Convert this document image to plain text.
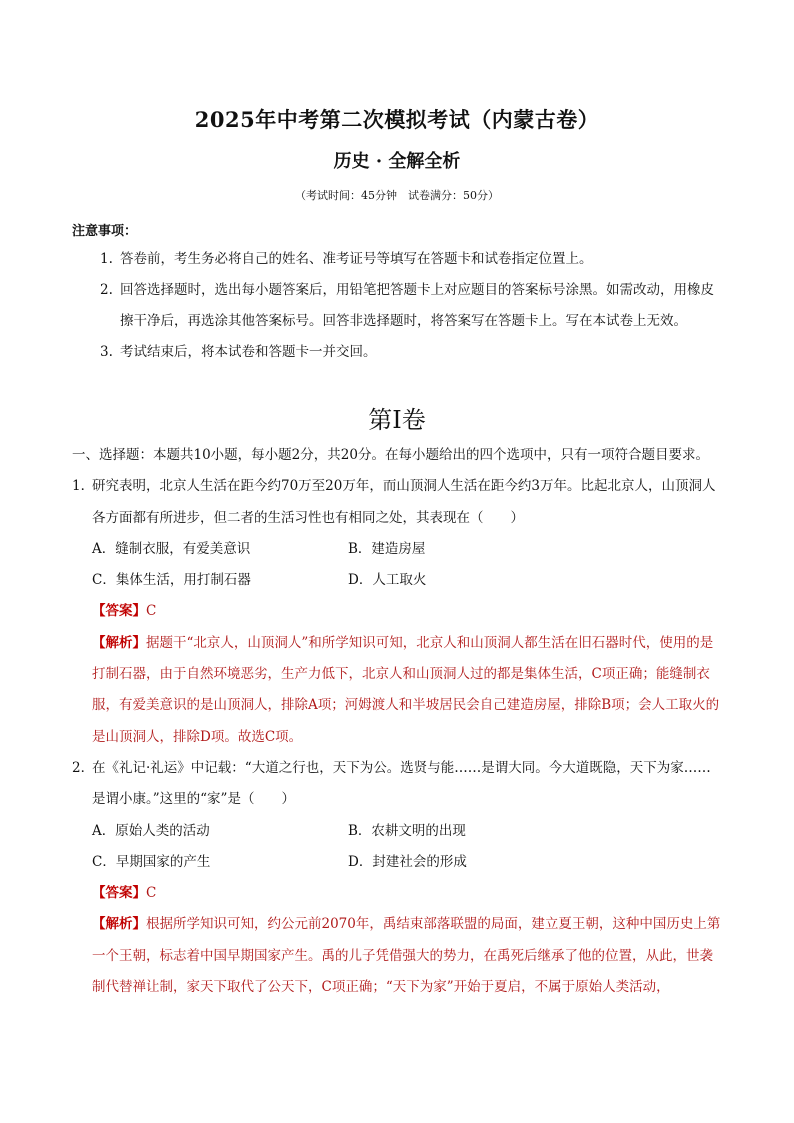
2025年中考第二次模拟考试（内蒙古卷）
历史 · 全解全析
（考试时间：45分钟　试卷满分：50分）
注意事项：
1. 答卷前，考生务必将自己的姓名、准考证号等填写在答题卡和试卷指定位置上。
2. 回答选择题时，选出每小题答案后，用铅笔把答题卡上对应题目的答案标号涂黑。如需改动，用橡皮擦干净后，再选涂其他答案标号。回答非选择题时，将答案写在答题卡上。写在本试卷上无效。
3. 考试结束后，将本试卷和答题卡一并交回。
第Ⅰ卷
一、选择题：本题共10小题，每小题2分，共20分。在每小题给出的四个选项中，只有一项符合题目要求。
1．
研究表明，北京人生活在距今约70万至20万年，而山顶洞人生活在距今约3万年。比起北京人，山顶洞人各方面都有所进步，但二者的生活习性也有相同之处，其表现在（　　）
A．缝制衣服，有爱美意识	B．建造房屋
C．集体生活，用打制石器	D．人工取火
【答案】C
【解析】据题干“北京人，山顶洞人”和所学知识可知，北京人和山顶洞人都生活在旧石器时代，使用的是打制石器，由于自然环境恶劣，生产力低下，北京人和山顶洞人过的都是集体生活，C项正确；能缝制衣服，有爱美意识的是山顶洞人，排除A项；河姆渡人和半坡居民会自己建造房屋，排除B项；会人工取火的是山顶洞人，排除D项。故选C项。
2．
在《礼记·礼运》中记载：“大道之行也，天下为公。选贤与能……是谓大同。今大道既隐，天下为家……是谓小康。”这里的“家”是（　　）
A．原始人类的活动	B．农耕文明的出现
C．早期国家的产生	D．封建社会的形成
【答案】C
【解析】根据所学知识可知，约公元前2070年，禹结束部落联盟的局面，建立夏王朝，这种中国历史上第一个王朝，标志着中国早期国家产生。禹的儿子凭借强大的势力，在禹死后继承了他的位置，从此，世袭制代替禅让制，家天下取代了公天下，C项正确；“天下为家”开始于夏启，不属于原始人类活动，
